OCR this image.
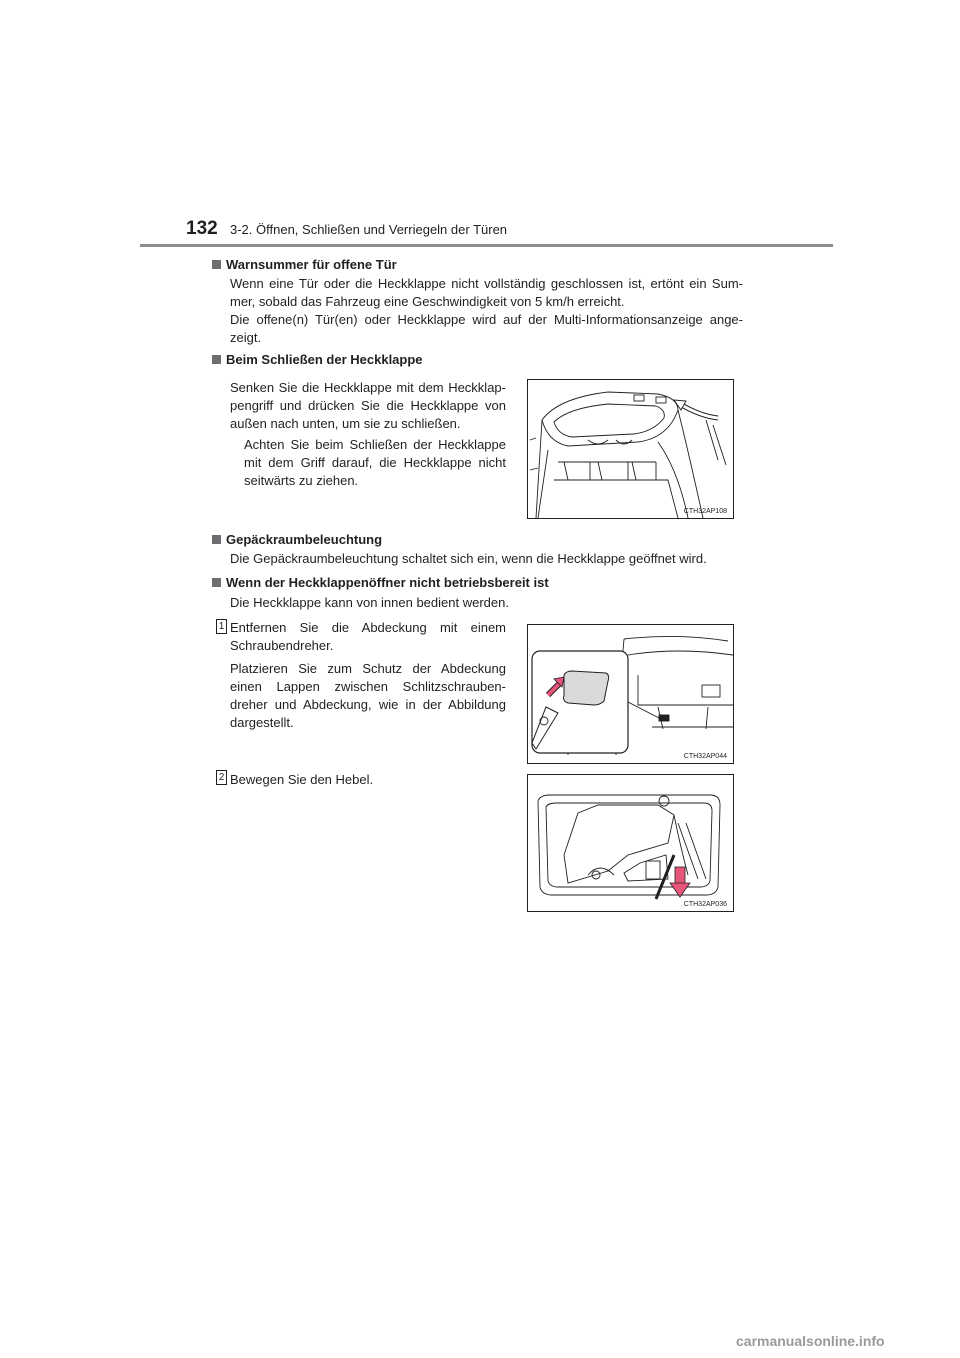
132 3-2. Öffnen, Schließen und Verriegeln der Türen
Warnsummer für offene Tür
Wenn eine Tür oder die Heckklappe nicht vollständig geschlossen ist, ertönt ein Sum-
mer, sobald das Fahrzeug eine Geschwindigkeit von 5 km/h erreicht.
Die offene(n) Tür(en) oder Heckklappe wird auf der Multi-Informationsanzeige ange-
zeigt.
Beim Schließen der Heckklappe
Senken Sie die Heckklappe mit dem Heckklap-
pengriff und drücken Sie die Heckklappe von
außen nach unten, um sie zu schließen.
Achten Sie beim Schließen der Heckklappe
mit dem Griff darauf, die Heckklappe nicht
seitwärts zu ziehen.
CTH32AP108
Gepäckraumbeleuchtung
Die Gepäckraumbeleuchtung schaltet sich ein, wenn die Heckklappe geöffnet wird.
Wenn der Heckklappenöffner nicht betriebsbereit ist
Die Heckklappe kann von innen bedient werden.
1 Entfernen Sie die Abdeckung mit einem
Schraubendreher.
Platzieren Sie zum Schutz der Abdeckung
einen Lappen zwischen Schlitzschrauben-
dreher und Abdeckung, wie in der Abbildung
dargestellt.
CTH32AP044
2 Bewegen Sie den Hebel.
CTH32AP036
carmanualsonline.info
